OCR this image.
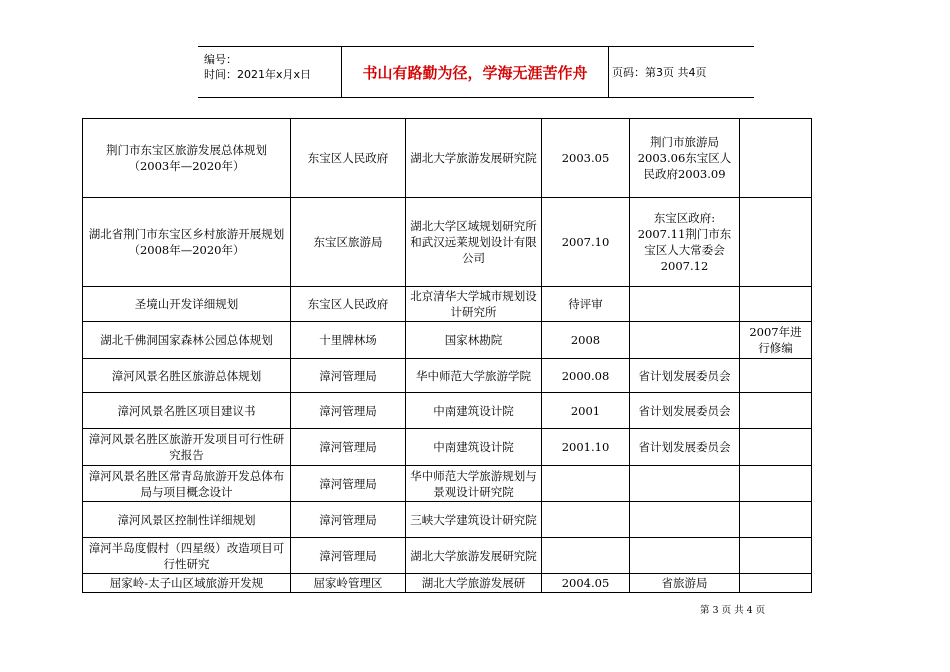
编号：
时间：2021年x月x日	书山有路勤为径，学海无涯苦作舟	页码：第3页 共4页
荆门市东宝区旅游发展总体规划（2003年—2020年）	东宝区人民政府	湖北大学旅游发展研究院	2003.05	荆门市旅游局2003.06东宝区人民政府2003.09	
湖北省荆门市东宝区乡村旅游开展规划（2008年—2020年）	东宝区旅游局	湖北大学区域规划研究所和武汉远莱规划设计有限公司	2007.10	东宝区政府: 2007.11荆门市东宝区人大常委会2007.12	
圣境山开发详细规划	东宝区人民政府	北京清华大学城市规划设计研究所	待评审		
湖北千佛洞国家森林公园总体规划	十里牌林场	国家林勘院	2008		2007年进行修编
漳河风景名胜区旅游总体规划	漳河管理局	华中师范大学旅游学院	2000.08	省计划发展委员会	
漳河风景名胜区项目建议书	漳河管理局	中南建筑设计院	2001	省计划发展委员会	
漳河风景名胜区旅游开发项目可行性研究报告	漳河管理局	中南建筑设计院	2001.10	省计划发展委员会	
漳河风景名胜区常青岛旅游开发总体布局与项目概念设计	漳河管理局	华中师范大学旅游规划与景观设计研究院			
漳河风景区控制性详细规划	漳河管理局	三峡大学建筑设计研究院			
漳河半岛度假村（四星级）改造项目可行性研究	漳河管理局	湖北大学旅游发展研究院			
屈家岭-太子山区域旅游开发规	屈家岭管理区	湖北大学旅游发展研	2004.05	省旅游局	
第 3 页 共 4 页
